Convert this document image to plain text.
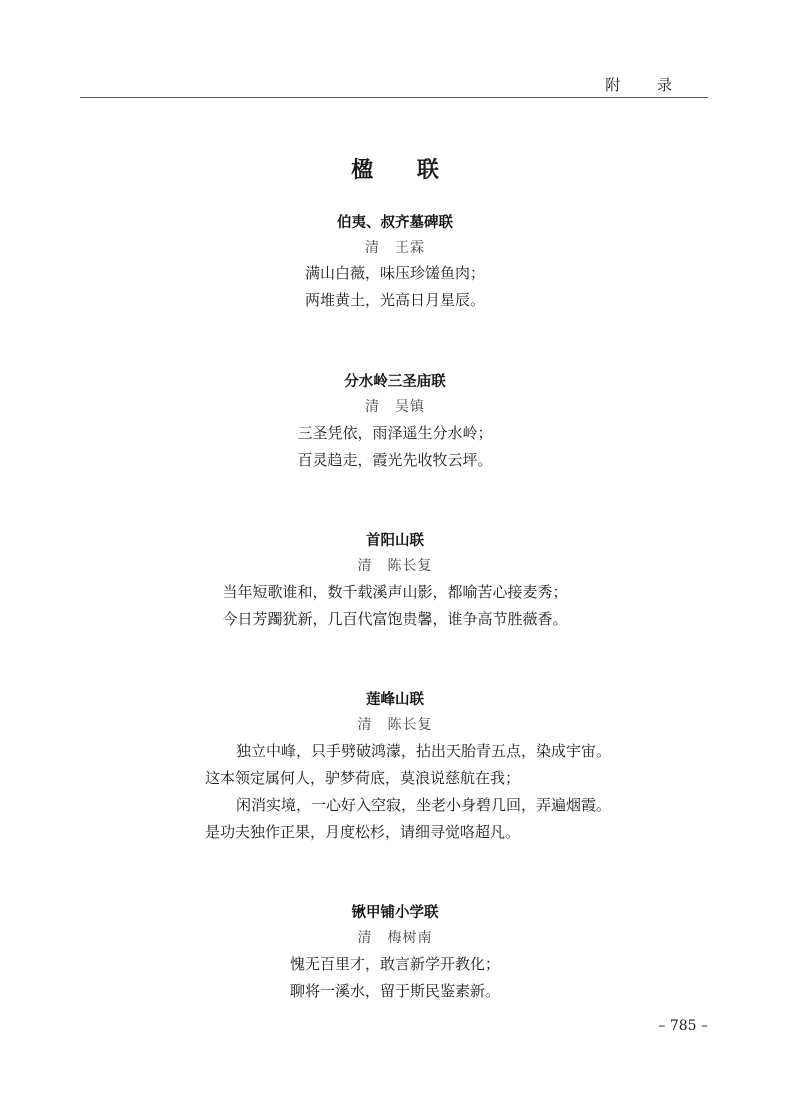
附 录
楹 联
伯夷、叔齐墓碑联
清　王霖
满山白薇，味压珍馐鱼肉；
两堆黄土，光高日月星辰。
分水岭三圣庙联
清　吴镇
三圣凭依，雨泽遥生分水岭；
百灵趋走，霞光先收牧云坪。
首阳山联
清　陈长复
当年短歌谁和，数千载溪声山影，都喻苦心接麦秀；
今日芳躅犹新，几百代富饱贵馨，谁争高节胜薇香。
莲峰山联
清　陈长复
独立中峰，只手劈破鸿濛，拈出天胎青五点，染成宇宙。
这本领定属何人，驴梦荷底，莫浪说慈航在我；
闲消实境，一心好入空寂，坐老小身碧几回，弄遍烟霞。
是功夫独作正果，月度松杉，请细寻觉咯超凡。
锹甲铺小学联
清　梅树南
愧无百里才，敢言新学开教化；
聊将一溪水，留于斯民鉴素新。
– 785 –
